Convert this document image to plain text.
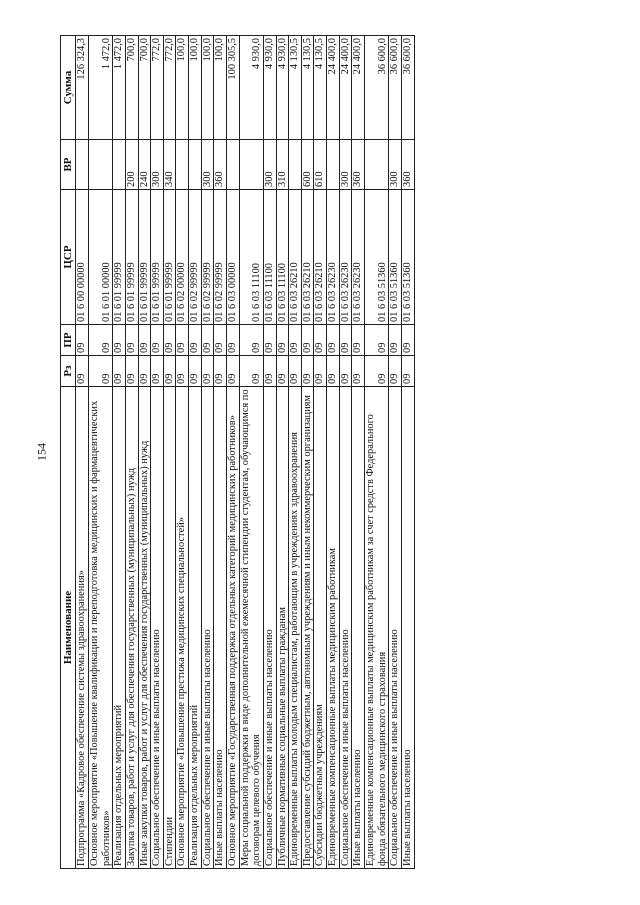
154
Наименование	Рз	ПР	ЦСР	ВР	Сумма
Подпрограмма «Кадровое обеспечение системы здравоохранения»	09	09	01 6 00 00000		126 324,3
Основное мероприятие «Повышение квалификации и переподготовка медицинских и фармацевтических работников»	09	09	01 6 01 00000		1 472,0
Реализация отдельных мероприятий	09	09	01 6 01 99999		1 472,0
Закупка товаров, работ и услуг для обеспечения государственных (муниципальных) нужд	09	09	01 6 01 99999	200	700,0
Иные закупки товаров, работ и услуг для обеспечения государственных (муниципальных) нужд	09	09	01 6 01 99999	240	700,0
Социальное обеспечение и иные выплаты населению	09	09	01 6 01 99999	300	772,0
Стипендии	09	09	01 6 01 99999	340	772,0
Основное мероприятие «Повышение престижа медицинских специальностей»	09	09	01 6 02 00000		100,0
Реализация отдельных мероприятий	09	09	01 6 02 99999		100,0
Социальное обеспечение и иные выплаты населению	09	09	01 6 02 99999	300	100,0
Иные выплаты населению	09	09	01 6 02 99999	360	100,0
Основное мероприятие «Государственная поддержка отдельных категорий медицинских работников»	09	09	01 6 03 00000		100 305,5
Меры социальной поддержки в виде дополнительной ежемесячной стипендии студентам, обучающимся по договорам целевого обучения	09	09	01 6 03 11100		4 930,0
Социальное обеспечение и иные выплаты населению	09	09	01 6 03 11100	300	4 930,0
Публичные нормативные социальные выплаты гражданам	09	09	01 6 03 11100	310	4 930,0
Единовременные выплаты молодым специалистам, работающим в учреждениях здравоохранения	09	09	01 6 03 26210		4 130,5
Предоставление субсидий бюджетным, автономным учреждениям и иным некоммерческим организациям	09	09	01 6 03 26210	600	4 130,5
Субсидии бюджетным учреждениям	09	09	01 6 03 26210	610	4 130,5
Единовременные компенсационные выплаты медицинским работникам	09	09	01 6 03 26230		24 400,0
Социальное обеспечение и иные выплаты населению	09	09	01 6 03 26230	300	24 400,0
Иные выплаты населению	09	09	01 6 03 26230	360	24 400,0
Единовременные компенсационные выплаты медицинским работникам за счет средств Федерального фонда обязательного медицинского страхования	09	09	01 6 03 51360		36 600,0
Социальное обеспечение и иные выплаты населению	09	09	01 6 03 51360	300	36 600,0
Иные выплаты населению	09	09	01 6 03 51360	360	36 600,0
